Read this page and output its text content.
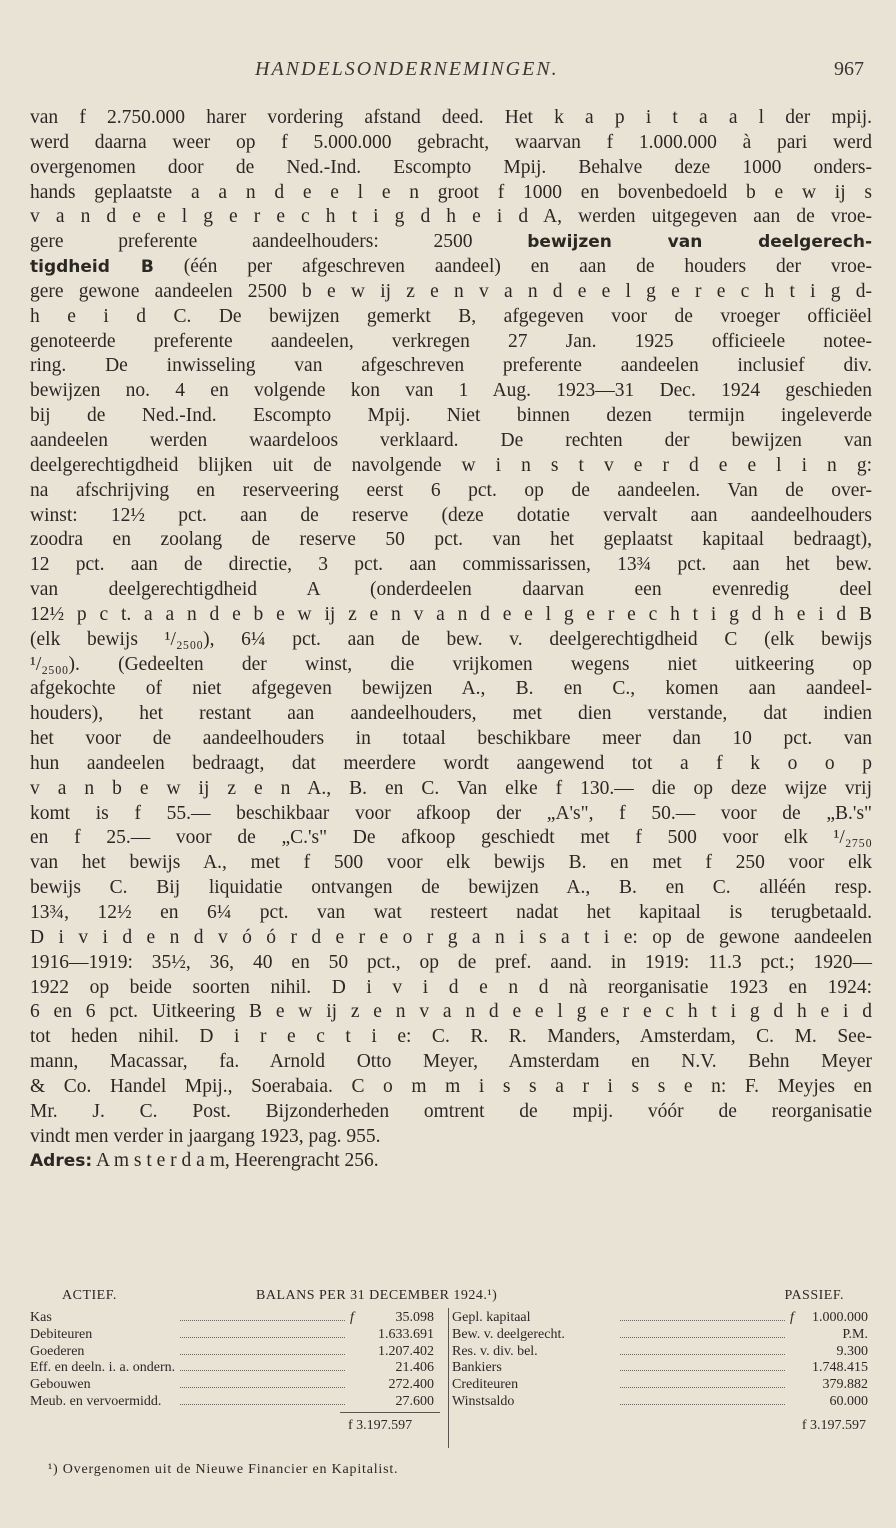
HANDELSONDERNEMINGEN.	967
van f 2.750.000 harer vordering afstand deed. Het k a p i t a a l der mpij.
werd daarna weer op f 5.000.000 gebracht, waarvan f 1.000.000 à pari werd
overgenomen door de Ned.-Ind. Escompto Mpij. Behalve deze 1000 onders-
hands geplaatste a a n d e e l e n groot f 1000 en bovenbedoeld b e w ij s
v a n d e e l g e r e c h t i g d h e i d A, werden uitgegeven aan de vroe-
gere preferente aandeelhouders: 2500 bewijzen van deelgerech-
tigdheid B (één per afgeschreven aandeel) en aan de houders der vroe-
gere gewone aandeelen 2500 b e w ij z e n v a n d e e l g e r e c h t i g d-
h e i d C. De bewijzen gemerkt B, afgegeven voor de vroeger officiëel
genoteerde preferente aandeelen, verkregen 27 Jan. 1925 officieele notee-
ring. De inwisseling van afgeschreven preferente aandeelen inclusief div.
bewijzen no. 4 en volgende kon van 1 Aug. 1923—31 Dec. 1924 geschieden
bij de Ned.-Ind. Escompto Mpij. Niet binnen dezen termijn ingeleverde
aandeelen werden waardeloos verklaard. De rechten der bewijzen van
deelgerechtigdheid blijken uit de navolgende w i n s t v e r d e e l i n g:
na afschrijving en reserveering eerst 6 pct. op de aandeelen. Van de over-
winst: 12½ pct. aan de reserve (deze dotatie vervalt aan aandeelhouders
zoodra en zoolang de reserve 50 pct. van het geplaatst kapitaal bedraagt),
12 pct. aan de directie, 3 pct. aan commissarissen, 13¾ pct. aan het bew.
van deelgerechtigdheid A (onderdeelen daarvan een evenredig deel
12½ p c t. a a n d e b e w ij z e n v a n d e e l g e r e c h t i g d h e i d B
(elk bewijs ¹/₂₅₀₀), 6¼ pct. aan de bew. v. deelgerechtigdheid C (elk bewijs
¹/₂₅₀₀). (Gedeelten der winst, die vrijkomen wegens niet uitkeering op
afgekochte of niet afgegeven bewijzen A., B. en C., komen aan aandeel-
houders), het restant aan aandeelhouders, met dien verstande, dat indien
het voor de aandeelhouders in totaal beschikbare meer dan 10 pct. van
hun aandeelen bedraagt, dat meerdere wordt aangewend tot a f k o o p
v a n b e w ij z e n A., B. en C. Van elke f 130.— die op deze wijze vrij
komt is f 55.— beschikbaar voor afkoop der „A's", f 50.— voor de „B.'s"
en f 25.— voor de „C.'s" De afkoop geschiedt met f 500 voor elk ¹/₂₇₅₀
van het bewijs A., met f 500 voor elk bewijs B. en met f 250 voor elk
bewijs C. Bij liquidatie ontvangen de bewijzen A., B. en C. alléén resp.
13¾, 12½ en 6¼ pct. van wat resteert nadat het kapitaal is terugbetaald.
D i v i d e n d v ó ó r d e r e o r g a n i s a t i e: op de gewone aandeelen
1916—1919: 35½, 36, 40 en 50 pct., op de pref. aand. in 1919: 11.3 pct.; 1920—
1922 op beide soorten nihil. D i v i d e n d nà reorganisatie 1923 en 1924:
6 en 6 pct. Uitkeering B e w ij z e n v a n d e e l g e r e c h t i g d h e i d
tot heden nihil. D i r e c t i e: C. R. R. Manders, Amsterdam, C. M. See-
mann, Macassar, fa. Arnold Otto Meyer, Amsterdam en N.V. Behn Meyer
& Co. Handel Mpij., Soerabaia. C o m m i s s a r i s s e n: F. Meyjes en
Mr. J. C. Post. Bijzonderheden omtrent de mpij. vóór de reorganisatie
vindt men verder in jaargang 1923, pag. 955.
Adres: A m s t e r d a m, Heerengracht 256.
ACTIEF.	BALANS PER 31 DECEMBER 1924.¹)	PASSIEF.
Kas	f	35.098
Debiteuren	1.633.691
Goederen	1.207.402
Eff. en deeln. i. a. ondern.	21.406
Gebouwen	272.400
Meub. en vervoermidd.	27.600
Gepl. kapitaal	f 1.000.000
Bew. v. deelgerecht.	P.M.
Res. v. div. bel.	9.300
Bankiers	1.748.415
Crediteuren	379.882
Winstsaldo	60.000
f 3.197.597	f 3.197.597
¹) Overgenomen uit de Nieuwe Financier en Kapitalist.
